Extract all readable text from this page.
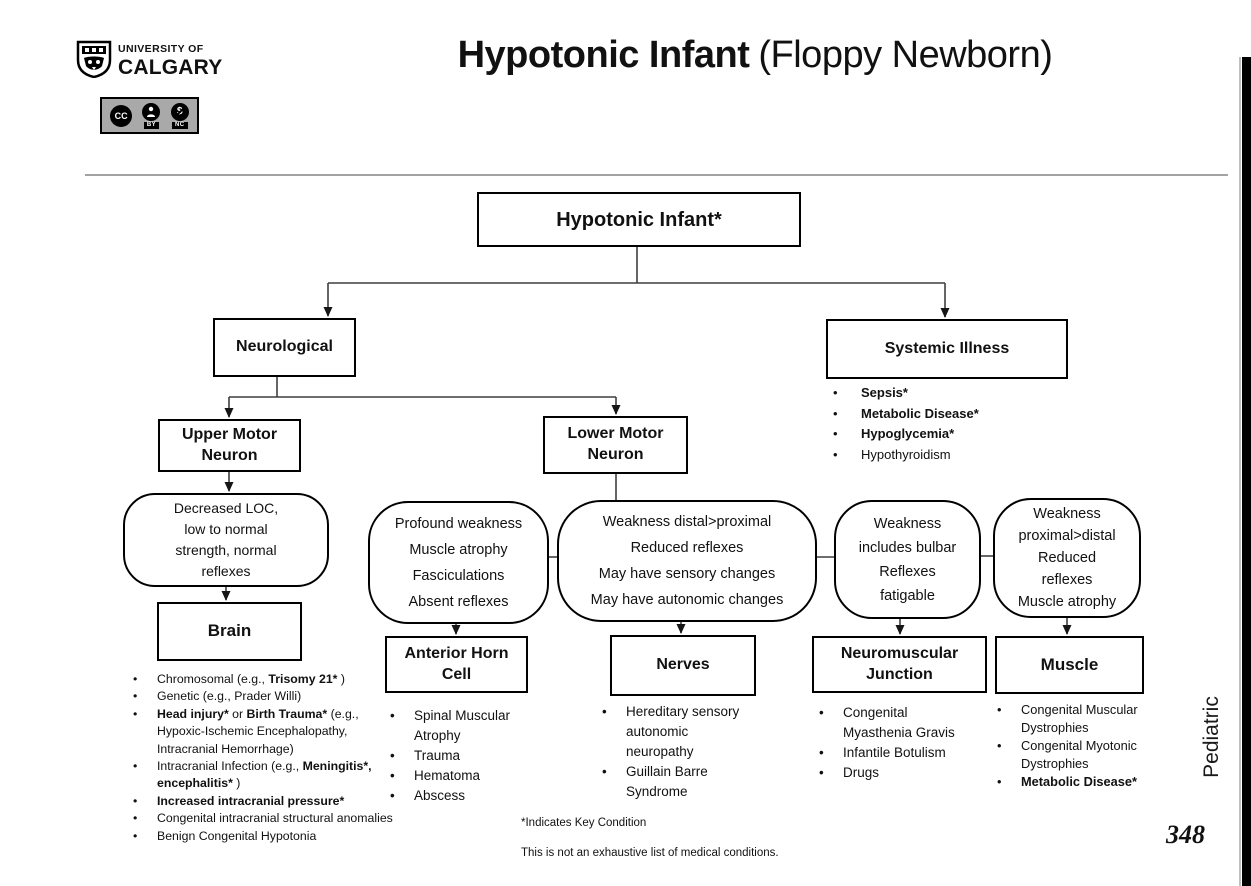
UNIVERSITY OF
CALGARY
CC
BY	NC
Hypotonic Infant (Floppy Newborn)
Hypotonic Infant*
Neurological	Systemic Illness
Upper Motor Neuron
Lower Motor Neuron
Brain
Anterior Horn Cell
Nerves
Neuromuscular Junction
Muscle
Decreased LOC,
low to normal
strength, normal
reflexes
Profound weakness
Muscle atrophy
Fasciculations
Absent reflexes
Weakness distal>proximal
Reduced reflexes
May have sensory changes
May have autonomic changes
Weakness
includes bulbar
Reflexes
fatigable
Weakness
proximal>distal
Reduced
reflexes
Muscle atrophy
•	Sepsis*
•	Metabolic Disease*
•	Hypoglycemia*
•	Hypothyroidism
•	Chromosomal (e.g., Trisomy 21* )
•	Genetic (e.g., Prader Willi)
•	Head injury* or Birth Trauma* (e.g., Hypoxic-Ischemic Encephalopathy, Intracranial Hemorrhage)
•	Intracranial Infection (e.g., Meningitis*, encephalitis* )
•	Increased intracranial pressure*
•	Congenital intracranial structural anomalies
•	Benign Congenital Hypotonia
•	Spinal Muscular Atrophy
•	Trauma
•	Hematoma
•	Abscess
•	Hereditary sensory autonomic neuropathy
•	Guillain Barre Syndrome
•	Congenital Myasthenia Gravis
•	Infantile Botulism
•	Drugs
•	Congenital Muscular Dystrophies
•	Congenital Myotonic Dystrophies
•	Metabolic Disease*
*Indicates Key Condition
This is not an exhaustive list of medical conditions.
Pediatric
348
